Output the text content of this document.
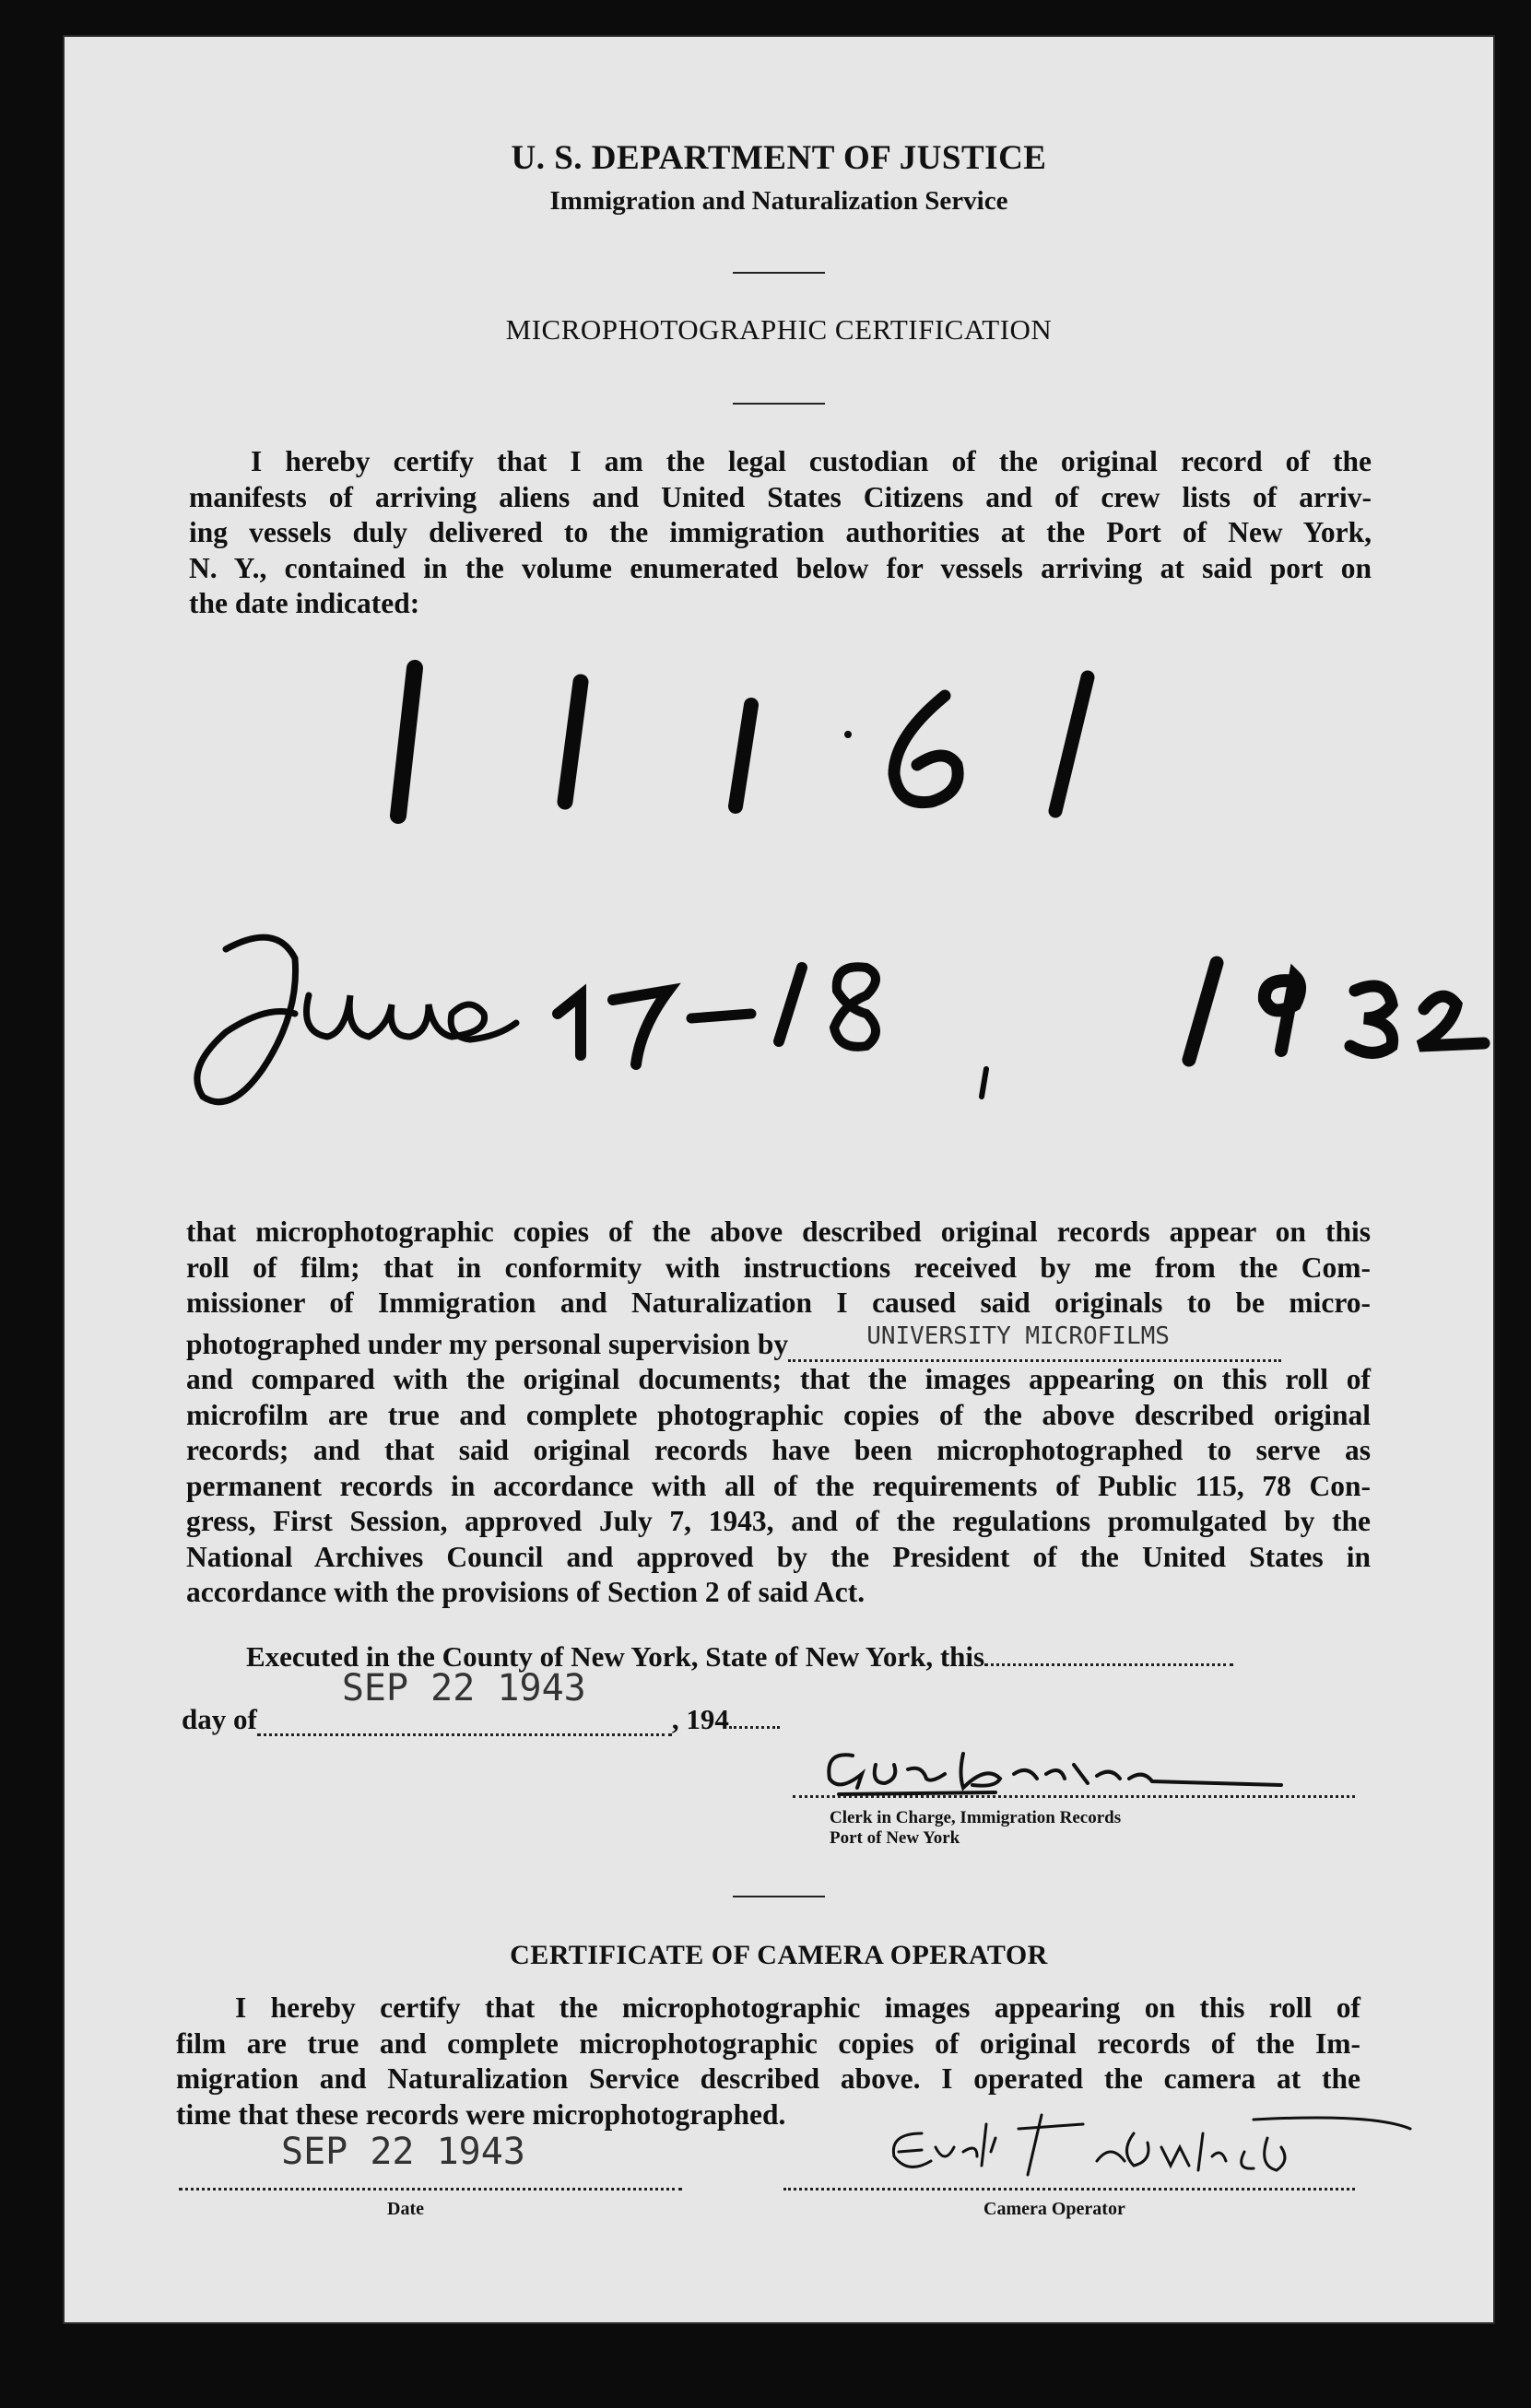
U. S. DEPARTMENT OF JUSTICE
Immigration and Naturalization Service
MICROPHOTOGRAPHIC CERTIFICATION
I hereby certify that I am the legal custodian of the original record of the
manifests of arriving aliens and United States Citizens and of crew lists of arriv-
ing vessels duly delivered to the immigration authorities at the Port of New York,
N. Y., contained in the volume enumerated below for vessels arriving at said port on
the date indicated:
that microphotographic copies of the above described original records appear on this
roll of film; that in conformity with instructions received by me from the Com-
missioner of Immigration and Naturalization I caused said originals to be micro-
photographed under my personal supervision by	UNIVERSITY MICROFILMS
and compared with the original documents; that the images appearing on this roll of
microfilm are true and complete photographic copies of the above described original
records; and that said original records have been microphotographed to serve as
permanent records in accordance with all of the requirements of Public 115, 78 Con-
gress, First Session, approved July 7, 1943, and of the regulations promulgated by the
National Archives Council and approved by the President of the United States in
accordance with the provisions of Section 2 of said Act.
Executed in the County of New York, State of New York, this
day of
SEP 22 1943
, 194
Clerk in Charge, Immigration Records
Port of New York
CERTIFICATE OF CAMERA OPERATOR
I hereby certify that the microphotographic images appearing on this roll of
film are true and complete microphotographic copies of original records of the Im-
migration and Naturalization Service described above. I operated the camera at the
time that these records were microphotographed.
SEP 22 1943
Date	Camera Operator
